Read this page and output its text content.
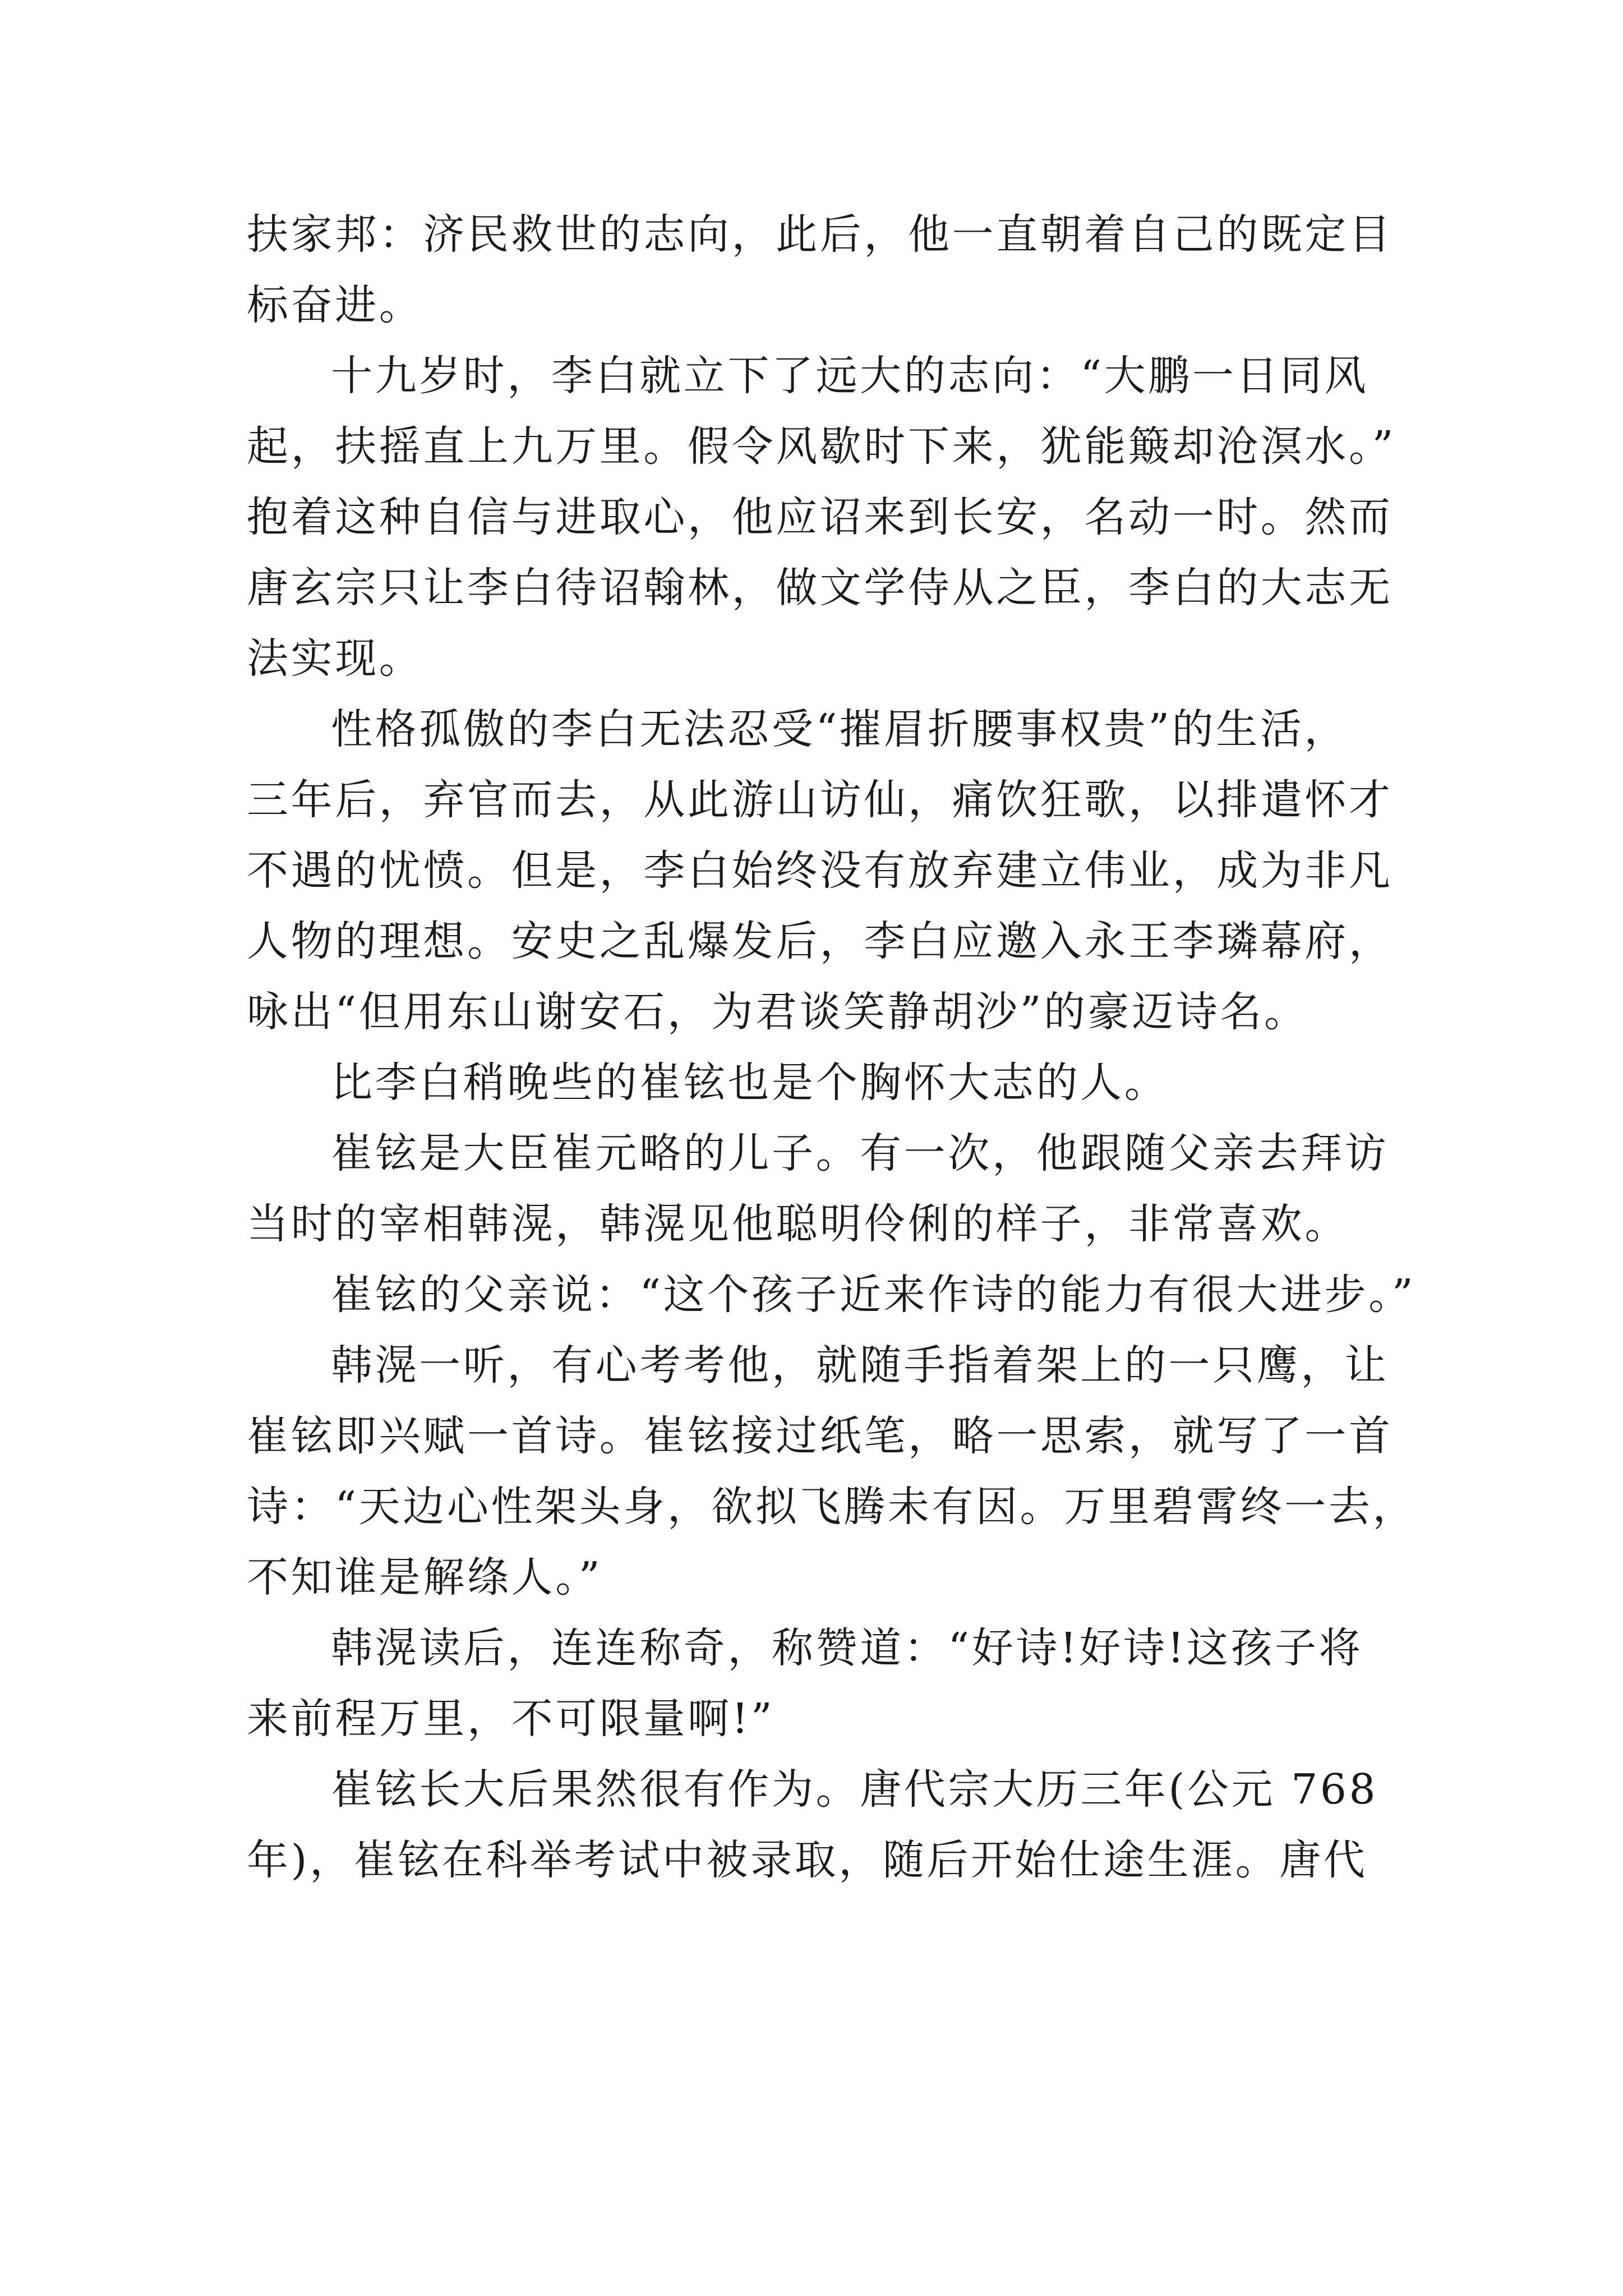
扶家邦：济民救世的志向，此后，他一直朝着自己的既定目
标奋进。
十九岁时，李白就立下了远大的志向：“大鹏一日同风
起，扶摇直上九万里。假令风歇时下来，犹能簸却沧溟水。”
抱着这种自信与进取心，他应诏来到长安，名动一时。然而
唐玄宗只让李白待诏翰林，做文学侍从之臣，李白的大志无
法实现。
性格孤傲的李白无法忍受“摧眉折腰事权贵”的生活，
三年后，弃官而去，从此游山访仙，痛饮狂歌，以排遣怀才
不遇的忧愤。但是，李白始终没有放弃建立伟业，成为非凡
人物的理想。安史之乱爆发后，李白应邀入永王李璘幕府，
咏出“但用东山谢安石，为君谈笑静胡沙”的豪迈诗名。
比李白稍晚些的崔铉也是个胸怀大志的人。
崔铉是大臣崔元略的儿子。有一次，他跟随父亲去拜访
当时的宰相韩滉，韩滉见他聪明伶俐的样子，非常喜欢。
崔铉的父亲说：“这个孩子近来作诗的能力有很大进步。”
韩滉一听，有心考考他，就随手指着架上的一只鹰，让
崔铉即兴赋一首诗。崔铉接过纸笔，略一思索，就写了一首
诗：“天边心性架头身，欲拟飞腾未有因。万里碧霄终一去，
不知谁是解绦人。”
韩滉读后，连连称奇，称赞道：“好诗!好诗!这孩子将
来前程万里，不可限量啊!”
崔铉长大后果然很有作为。唐代宗大历三年(公元 768
年)，崔铉在科举考试中被录取，随后开始仕途生涯。唐代
